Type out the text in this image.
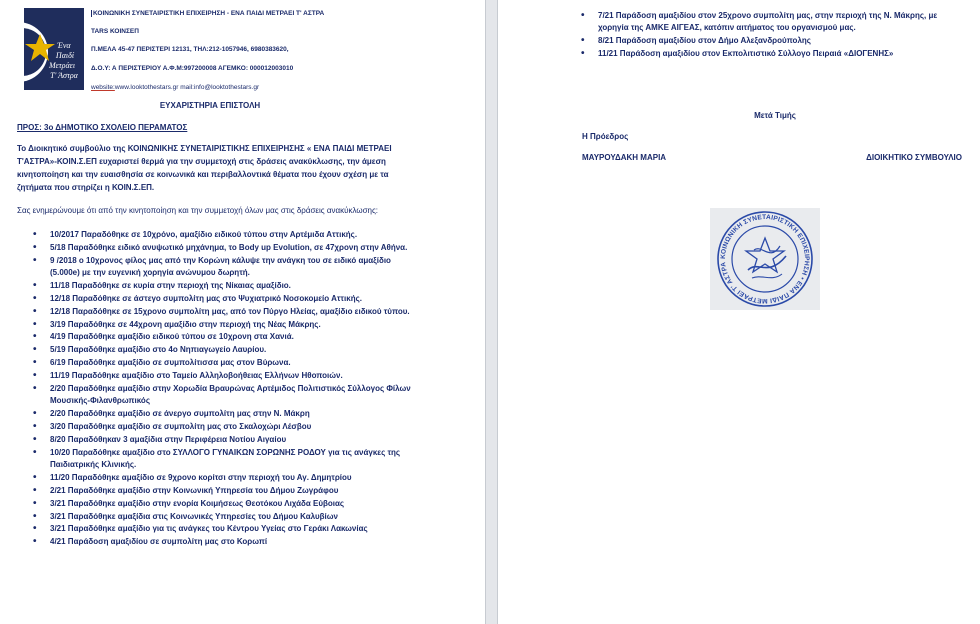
Ένα
Παιδί
Μετράει
Τ' Άστρα
ΚΟΙΝΩΝΙΚΗ ΣΥΝΕΤΑΙΡΙΣΤΙΚΗ ΕΠΙΧΕΙΡΗΣΗ - ΕΝΑ ΠΑΙΔΙ ΜΕΤΡΑΕΙ Τ' ΑΣΤΡΑ
TARS ΚΟΙΝΣΕΠ
Π.ΜΕΛΑ 45-47 ΠΕΡΙΣΤΕΡΙ 12131, ΤΗΛ:212-1057946, 6980383620,
Δ.Ο.Υ: Α ΠΕΡΙΣΤΕΡΙΟΥ Α.Φ.Μ:997200008 ΑΓΕΜΚΟ: 000012003010
website:www.looktothestars.gr mail:info@looktothestars.gr
ΕΥΧΑΡΙΣΤΗΡΙΑ ΕΠΙΣΤΟΛΗ
ΠΡΟΣ: 3ο ΔΗΜΟΤΙΚΟ ΣΧΟΛΕΙΟ ΠΕΡΑΜΑΤΟΣ
Το Διοικητικό συμβούλιο της ΚΟΙΝΩΝΙΚΗΣ ΣΥΝΕΤΑΙΡΙΣΤΙΚΗΣ ΕΠΙΧΕΙΡΗΣΗΣ « ΕΝΑ ΠΑΙΔΙ ΜΕΤΡΑΕΙ Τ'ΑΣΤΡΑ»-ΚΟΙΝ.Σ.ΕΠ ευχαριστεί θερμά για την συμμετοχή στις δράσεις ανακύκλωσης, την άμεση κινητοποίηση και την ευαισθησία σε κοινωνικά και περιβαλλοντικά θέματα που έχουν σχέση με τα ζητήματα που στηρίζει η ΚΟΙΝ.Σ.ΕΠ.
Σας ενημερώνουμε ότι από την κινητοποίηση και την συμμετοχή όλων μας στις δράσεις ανακύκλωσης:
• 10/2017 Παραδόθηκε σε 10χρόνο, αμαξίδιο ειδικού τύπου στην Αρτέμιδα Αττικής.
• 5/18 Παραδόθηκε ειδικό ανυψωτικό μηχάνημα, το Body up Evolution, σε 47χρονη στην Αθήνα.
• 9 /2018 ο 10χρονος φίλος μας από την Κορώνη κάλυψε την ανάγκη του σε ειδικό αμαξίδιο (5.000e) με την ευγενική χορηγία ανώνυμου δωρητή.
• 11/18 Παραδόθηκε σε κυρία στην περιοχή της Νίκαιας αμαξίδιο.
• 12/18 Παραδόθηκε σε άστεγο συμπολίτη μας στο Ψυχιατρικό Νοσοκομείο Αττικής.
• 12/18 Παραδόθηκε σε 15χρονο συμπολίτη μας, από τον Πύργο Ηλείας, αμαξίδιο ειδικού τύπου.
• 3/19 Παραδόθηκε σε 44χρονη αμαξίδιο στην περιοχή της Νέας Μάκρης.
• 4/19 Παραδόθηκε αμαξίδιο ειδικού τύπου σε 10χρονη στα Χανιά.
• 5/19 Παραδόθηκε αμαξίδιο στο 4ο Νηπιαγωγείο Λαυρίου.
• 6/19 Παραδόθηκε αμαξίδιο σε συμπολίτισσα μας στον Βύρωνα.
• 11/19 Παραδόθηκε αμαξίδιο στο Ταμείο Αλληλοβοήθειας Ελλήνων Ηθοποιών.
• 2/20 Παραδόθηκε αμαξίδιο στην Χορωδία Βραυρώνας Αρτέμιδος Πολιτιστικός Σύλλογος Φίλων Μουσικής-Φιλανθρωπικός
• 2/20 Παραδόθηκε αμαξίδιο σε άνεργο συμπολίτη μας στην Ν. Μάκρη
• 3/20 Παραδόθηκε αμαξίδιο σε συμπολίτη μας στο Σκαλοχώρι Λέσβου
• 8/20 Παραδόθηκαν 3 αμαξίδια στην Περιφέρεια Νοτίου Αιγαίου
• 10/20 Παραδόθηκε αμαξίδιο στο ΣΥΛΛΟΓΟ ΓΥΝΑΙΚΩΝ ΣΟΡΩΝΗΣ ΡΟΔΟΥ για τις ανάγκες της Παιδιατρικής Κλινικής.
• 11/20 Παραδόθηκε αμαξίδιο σε 9χρονο κορίτσι στην περιοχή του Αγ. Δημητρίου
• 2/21 Παραδόθηκε αμαξίδιο στην Κοινωνική Υπηρεσία του Δήμου Ζωγράφου
• 3/21 Παραδόθηκε αμαξίδιο στην ενορία Κοιμήσεως Θεοτόκου Λιχάδα Εύβοιας
• 3/21 Παραδόθηκε αμαξίδια στις Κοινωνικές Υπηρεσίες του Δήμου Καλυβίων
• 3/21 Παραδόθηκε αμαξίδιο για τις ανάγκες του Κέντρου Υγείας στο Γεράκι Λακωνίας
• 4/21 Παράδοση αμαξιδίου σε συμπολίτη μας στο Κορωπί
• 7/21 Παράδοση αμαξιδίου στον 25χρονο συμπολίτη μας, στην περιοχή της Ν. Μάκρης, με χορηγία της ΑΜΚΕ ΑΙΓΕΑΣ, κατόπιν αιτήματος του οργανισμού μας.
• 8/21 Παράδοση αμαξιδίου στον Δήμο Αλεξανδρούπολης
• 11/21 Παράδοση αμαξιδίου στον Εκπολιτιστικό Σύλλογο Πειραιά «ΔΙΟΓΕΝΗΣ»
Μετά Τιμής
Η Πρόεδρος
ΜΑΥΡΟΥΔΑΚΗ ΜΑΡΙΑ	ΔΙΟΙΚΗΤΙΚΟ ΣΥΜΒΟΥΛΙΟ
ΚΟΙΝΩΝΙΚΗ ΣΥΝΕΤΑΙΡΙΣΤΙΚΗ ΕΠΙΧΕΙΡΗΣΗ • ΕΝΑ ΠΑΙΔΙ ΜΕΤΡΑΕΙ Τ' ΑΣΤΡΑ
